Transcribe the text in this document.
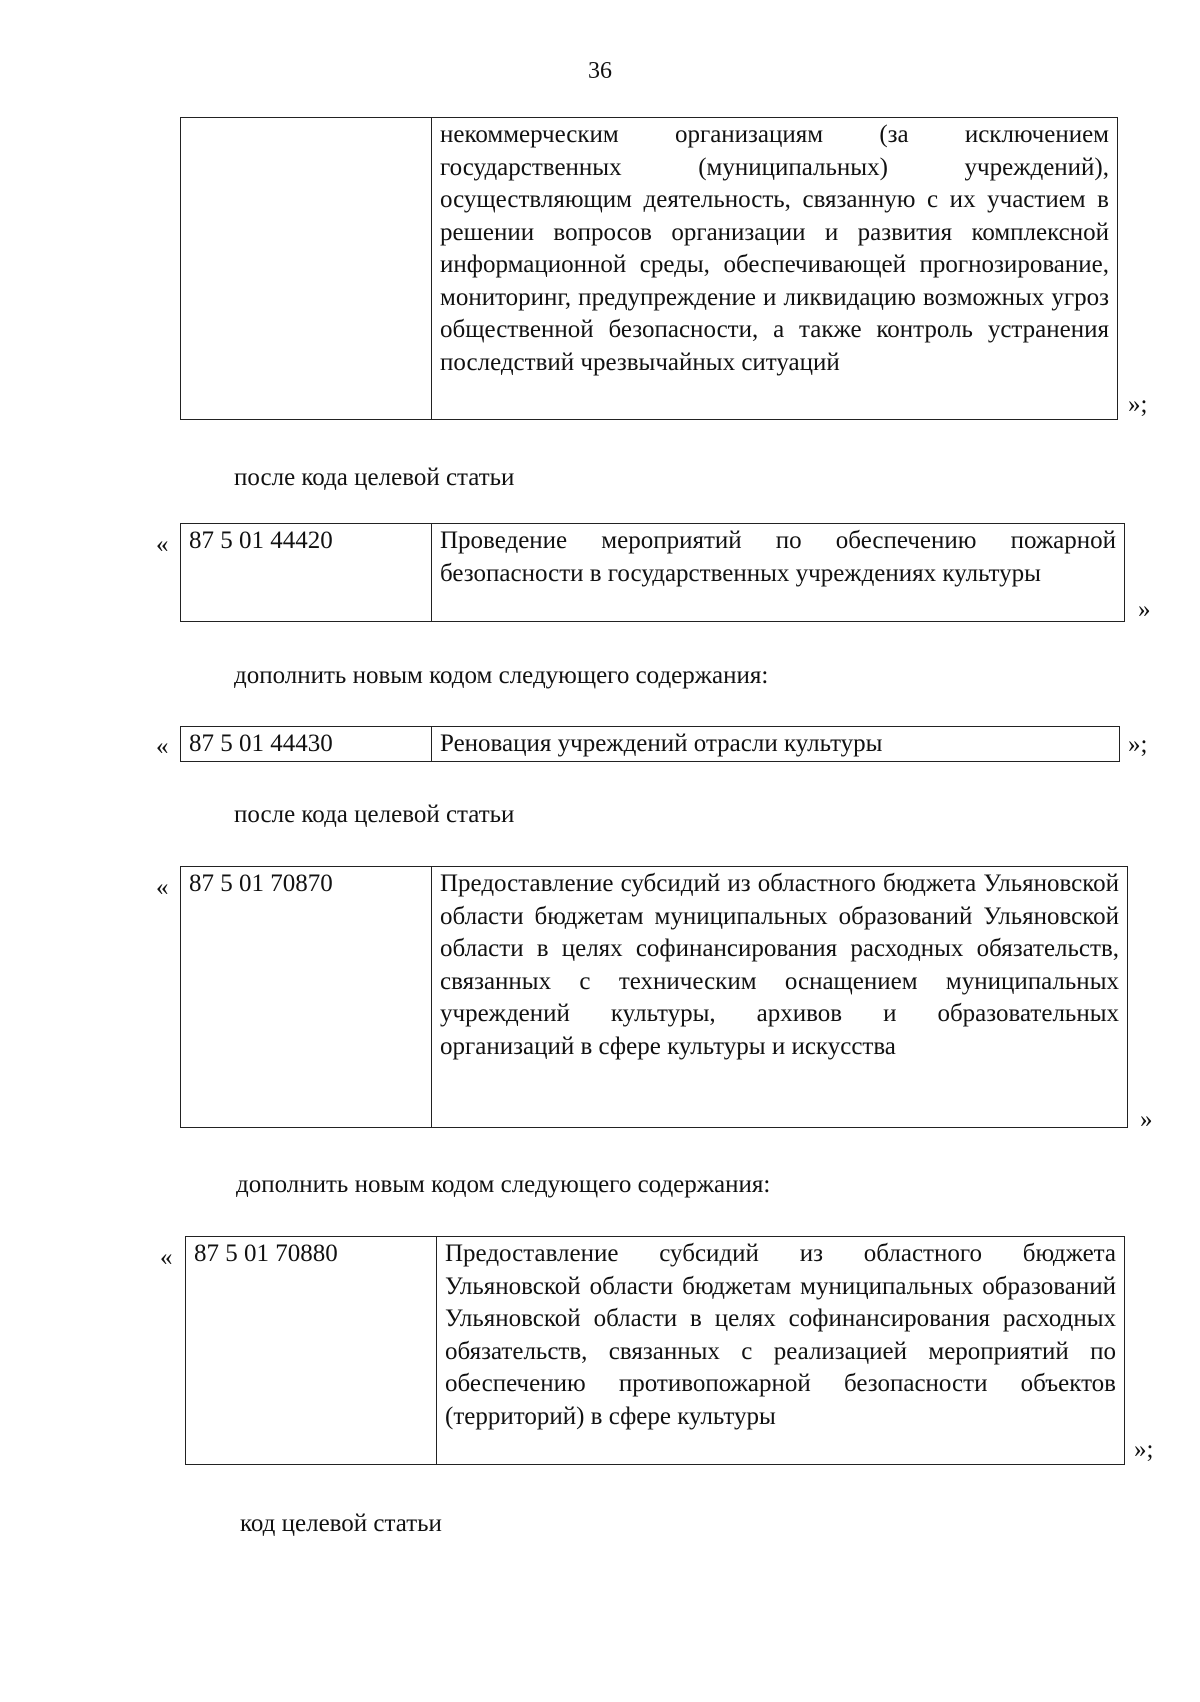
36
	некоммерческим организациям (за исключением государственных (муниципальных) учреждений), осуществляющим деятельность, связанную с их участием в решении вопросов организации и развития комплексной информационной среды, обеспечивающей прогнозирование, мониторинг, предупреждение и ликвидацию возможных угроз общественной безопасности, а также контроль устранения последствий чрезвычайных ситуаций
»;
после кода целевой статьи
« 87 5 01 44420	Проведение мероприятий по обеспечению пожарной безопасности в государственных учреждениях культуры
»
дополнить новым кодом следующего содержания:
« 87 5 01 44430	Реновация учреждений отрасли культуры	»;
после кода целевой статьи
« 87 5 01 70870	Предоставление субсидий из областного бюджета Ульяновской области бюджетам муниципальных образований Ульяновской области в целях софинансирования расходных обязательств, связанных с техническим оснащением муниципальных учреждений культуры, архивов и образовательных организаций в сфере культуры и искусства
»
дополнить новым кодом следующего содержания:
« 87 5 01 70880	Предоставление субсидий из областного бюджета Ульяновской области бюджетам муниципальных образований Ульяновской области в целях софинансирования расходных обязательств, связанных с реализацией мероприятий по обеспечению противопожарной безопасности объектов (территорий) в сфере культуры
»;
код целевой статьи
